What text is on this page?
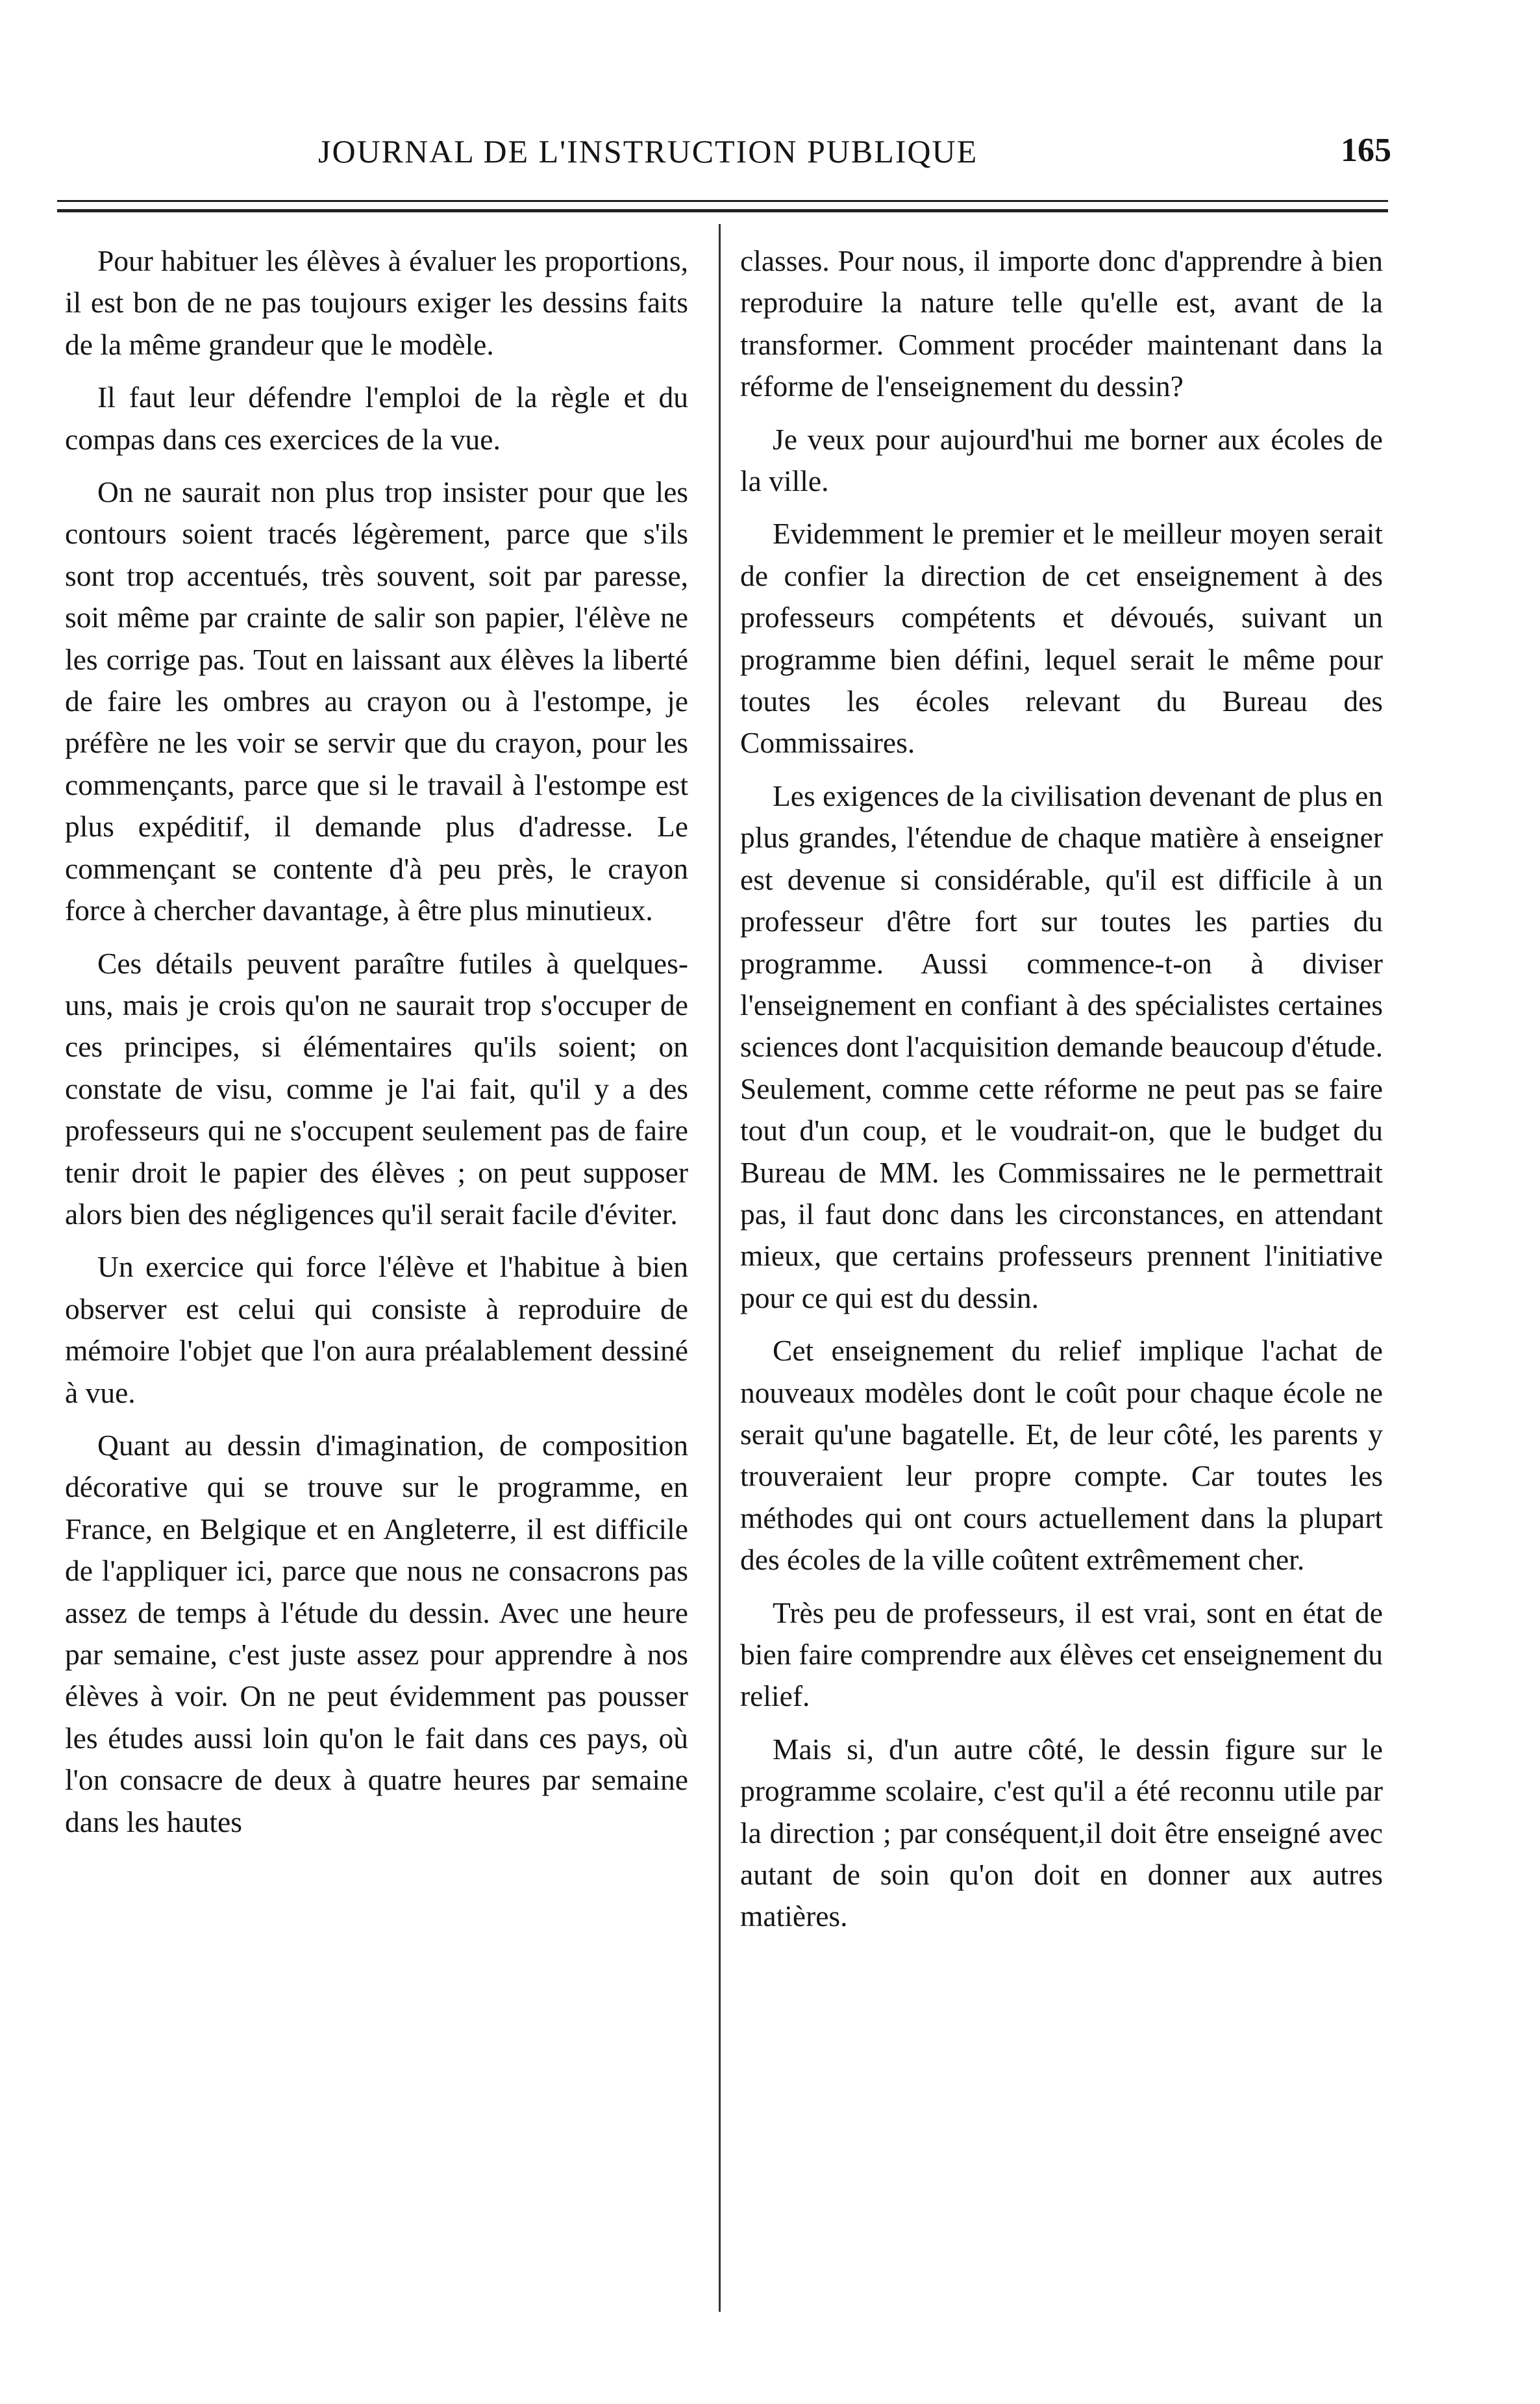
JOURNAL DE L'INSTRUCTION PUBLIQUE	165

Pour habituer les élèves à évaluer les proportions, il est bon de ne pas toujours exiger les dessins faits de la même grandeur que le modèle.

Il faut leur défendre l'emploi de la règle et du compas dans ces exercices de la vue.

On ne saurait non plus trop insister pour que les contours soient tracés légèrement, parce que s'ils sont trop accentués, très souvent, soit par paresse, soit même par crainte de salir son papier, l'élève ne les corrige pas. Tout en laissant aux élèves la liberté de faire les ombres au crayon ou à l'estompe, je préfère ne les voir se servir que du crayon, pour les commençants, parce que si le travail à l'estompe est plus expéditif, il demande plus d'adresse. Le commençant se contente d'à peu près, le crayon force à chercher davantage, à être plus minutieux.

Ces détails peuvent paraître futiles à quelques-uns, mais je crois qu'on ne saurait trop s'occuper de ces principes, si élémentaires qu'ils soient; on constate de visu, comme je l'ai fait, qu'il y a des professeurs qui ne s'occupent seulement pas de faire tenir droit le papier des élèves ; on peut supposer alors bien des négligences qu'il serait facile d'éviter.

Un exercice qui force l'élève et l'habitue à bien observer est celui qui consiste à reproduire de mémoire l'objet que l'on aura préalablement dessiné à vue.

Quant au dessin d'imagination, de composition décorative qui se trouve sur le programme, en France, en Belgique et en Angleterre, il est difficile de l'appliquer ici, parce que nous ne consacrons pas assez de temps à l'étude du dessin. Avec une heure par semaine, c'est juste assez pour apprendre à nos élèves à voir. On ne peut évidemment pas pousser les études aussi loin qu'on le fait dans ces pays, où l'on consacre de deux à quatre heures par semaine dans les hautes

classes. Pour nous, il importe donc d'apprendre à bien reproduire la nature telle qu'elle est, avant de la transformer. Comment procéder maintenant dans la réforme de l'enseignement du dessin?

Je veux pour aujourd'hui me borner aux écoles de la ville.

Evidemment le premier et le meilleur moyen serait de confier la direction de cet enseignement à des professeurs compétents et dévoués, suivant un programme bien défini, lequel serait le même pour toutes les écoles relevant du Bureau des Commissaires.

Les exigences de la civilisation devenant de plus en plus grandes, l'étendue de chaque matière à enseigner est devenue si considérable, qu'il est difficile à un professeur d'être fort sur toutes les parties du programme. Aussi commence-t-on à diviser l'enseignement en confiant à des spécialistes certaines sciences dont l'acquisition demande beaucoup d'étude. Seulement, comme cette réforme ne peut pas se faire tout d'un coup, et le voudrait-on, que le budget du Bureau de MM. les Commissaires ne le permettrait pas, il faut donc dans les circonstances, en attendant mieux, que certains professeurs prennent l'initiative pour ce qui est du dessin.

Cet enseignement du relief implique l'achat de nouveaux modèles dont le coût pour chaque école ne serait qu'une bagatelle. Et, de leur côté, les parents y trouveraient leur propre compte. Car toutes les méthodes qui ont cours actuellement dans la plupart des écoles de la ville coûtent extrêmement cher.

Très peu de professeurs, il est vrai, sont en état de bien faire comprendre aux élèves cet enseignement du relief.

Mais si, d'un autre côté, le dessin figure sur le programme scolaire, c'est qu'il a été reconnu utile par la direction ; par conséquent,il doit être enseigné avec autant de soin qu'on doit en donner aux autres matières.
